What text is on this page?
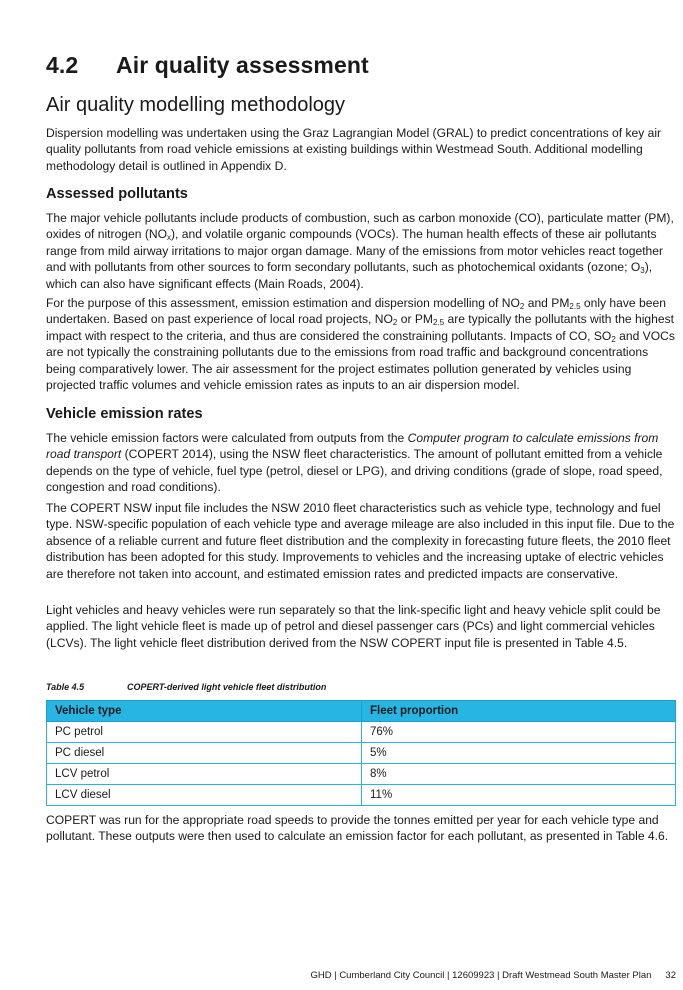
4.2 Air quality assessment
Air quality modelling methodology

Dispersion modelling was undertaken using the Graz Lagrangian Model (GRAL) to predict concentrations of key air quality pollutants from road vehicle emissions at existing buildings within Westmead South. Additional modelling methodology detail is outlined in Appendix D.

Assessed pollutants

The major vehicle pollutants include products of combustion, such as carbon monoxide (CO), particulate matter (PM), oxides of nitrogen $(NO_x)$, and volatile organic compounds (VOCs). The human health effects of these air pollutants range from mild airway irritations to major organ damage. Many of the emissions from motor vehicles react together and with pollutants from other sources to form secondary pollutants, such as photochemical oxidants (ozone; $O_3$), which can also have significant effects (Main Roads, 2004).

For the purpose of this assessment, emission estimation and dispersion modelling of $NO_2$ and $PM_{2.5}$ only have been undertaken. Based on past experience of local road projects, $NO_2$ or $PM_{2.5}$ are typically the pollutants with the highest impact with respect to the criteria, and thus are considered the constraining pollutants. Impacts of CO, $SO_2$ and VOCs are not typically the constraining pollutants due to the emissions from road traffic and background concentrations being comparatively lower. The air assessment for the project estimates pollution generated by vehicles using projected traffic volumes and vehicle emission rates as inputs to an air dispersion model.

Vehicle emission rates

The vehicle emission factors were calculated from outputs from the Computer program to calculate emissions from road transport (COPERT 2014), using the NSW fleet characteristics. The amount of pollutant emitted from a vehicle depends on the type of vehicle, fuel type (petrol, diesel or LPG), and driving conditions (grade of slope, road speed, congestion and road conditions).

The COPERT NSW input file includes the NSW 2010 fleet characteristics such as vehicle type, technology and fuel type. NSW-specific population of each vehicle type and average mileage are also included in this input file. Due to the absence of a reliable current and future fleet distribution and the complexity in forecasting future fleets, the 2010 fleet distribution has been adopted for this study. Improvements to vehicles and the increasing uptake of electric vehicles are therefore not taken into account, and estimated emission rates and predicted impacts are conservative.

Light vehicles and heavy vehicles were run separately so that the link-specific light and heavy vehicle split could be applied. The light vehicle fleet is made up of petrol and diesel passenger cars (PCs) and light commercial vehicles (LCVs). The light vehicle fleet distribution derived from the NSW COPERT input file is presented in Table 4.5.

Table 4.5	COPERT-derived light vehicle fleet distribution
Vehicle type	Fleet proportion
PC petrol	76%
PC diesel	5%
LCV petrol	8%
LCV diesel	11%

COPERT was run for the appropriate road speeds to provide the tonnes emitted per year for each vehicle type and pollutant. These outputs were then used to calculate an emission factor for each pollutant, as presented in Table 4.6.

GHD | Cumberland City Council | 12609923 | Draft Westmead South Master Plan 32
